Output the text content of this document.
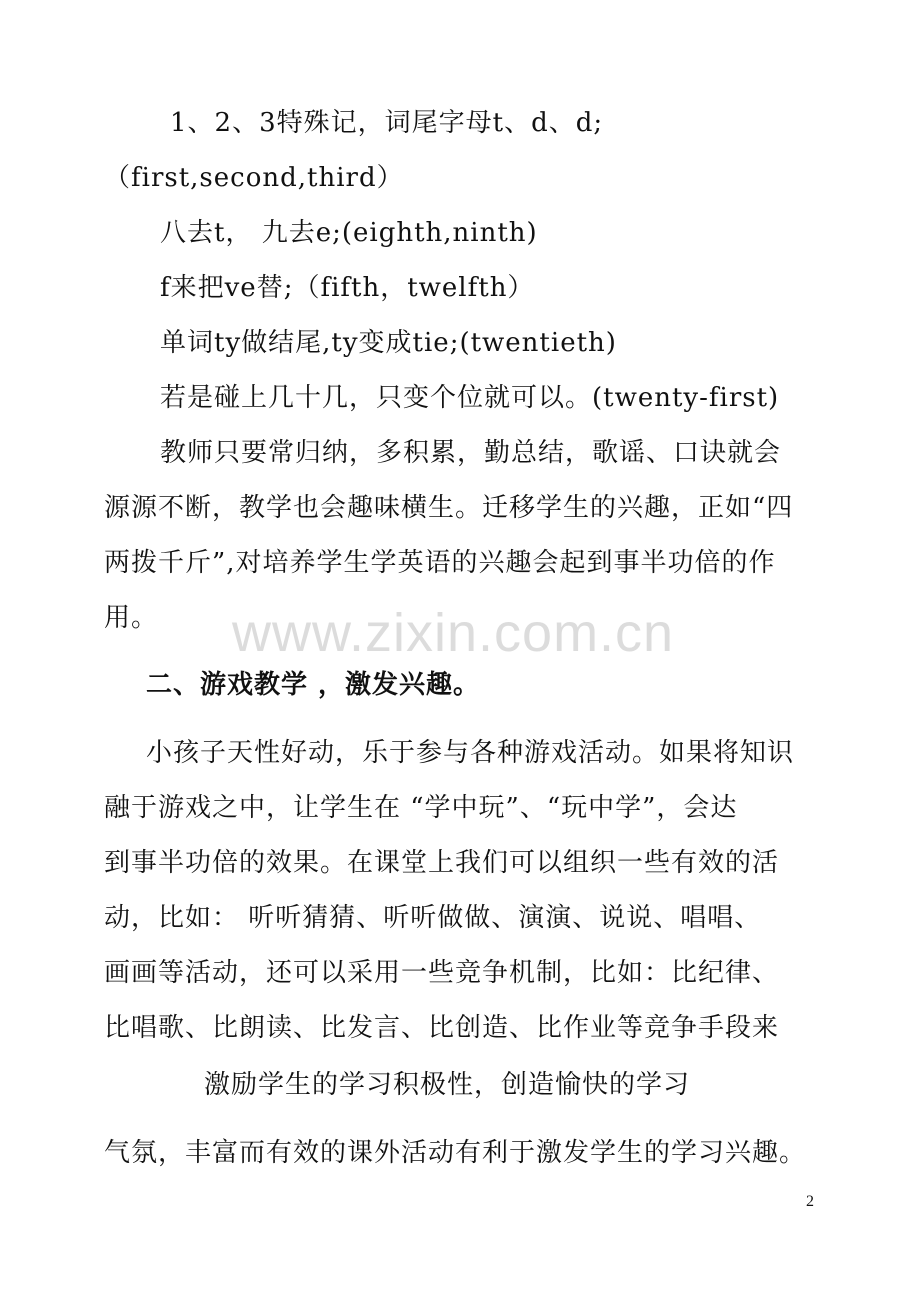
www.zixin.com.cn
1、2、3特殊记，词尾字母t、d、d;
（first,second,third）
八去t， 九去e;(eighth,ninth)
f来把ve替;（fifth，twelfth）
单词ty做结尾,ty变成tie;(twentieth)
若是碰上几十几，只变个位就可以。(twenty-first)
教师只要常归纳，多积累，勤总结，歌谣、口诀就会
源源不断，教学也会趣味横生。迁移学生的兴趣，正如“四
两拨千斤”,对培养学生学英语的兴趣会起到事半功倍的作
用。
二、游戏教学 ，激发兴趣。
小孩子天性好动，乐于参与各种游戏活动。如果将知识
融于游戏之中，让学生在 “学中玩”、“玩中学”，会达
到事半功倍的效果。在课堂上我们可以组织一些有效的活
动，比如： 听听猜猜、听听做做、演演、说说、唱唱、
画画等活动，还可以采用一些竞争机制，比如：比纪律、
比唱歌、比朗读、比发言、比创造、比作业等竞争手段来
激励学生的学习积极性，创造愉快的学习
气氛，丰富而有效的课外活动有利于激发学生的学习兴趣。
2
